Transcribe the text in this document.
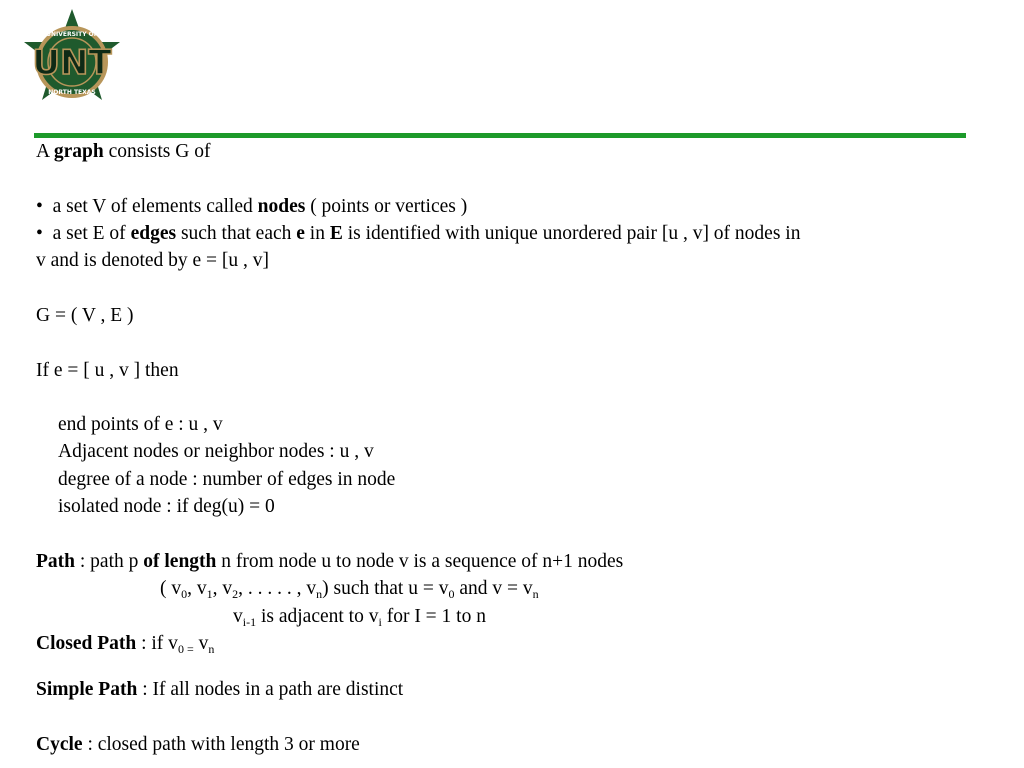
UNIVERSITY OF
NORTH TEXAS
UNT
A graph consists G of
•  a set V of elements called nodes ( points or vertices )
•  a set E of edges such that each e in E is identified with unique unordered pair [u , v] of nodes in
v and is denoted by e = [u , v]
G = ( V , E )
If e = [ u , v ] then
end points of e : u , v
Adjacent nodes or neighbor nodes : u , v
degree of a node : number of edges in node
isolated node : if deg(u) = 0
Path : path p of length n from node u to node v is a sequence of n+1 nodes
( $v_0$, $v_1$, $v_2$, . . . . . , $v_n$) such that $u = v_0$ and $v = v_n$
$v_{i-1}$ is adjacent to $v_i$ for I = 1 to n
Closed Path : if $v_{0 =}$ $v_n$
Simple Path : If all nodes in a path are distinct
Cycle : closed path with length 3 or more
